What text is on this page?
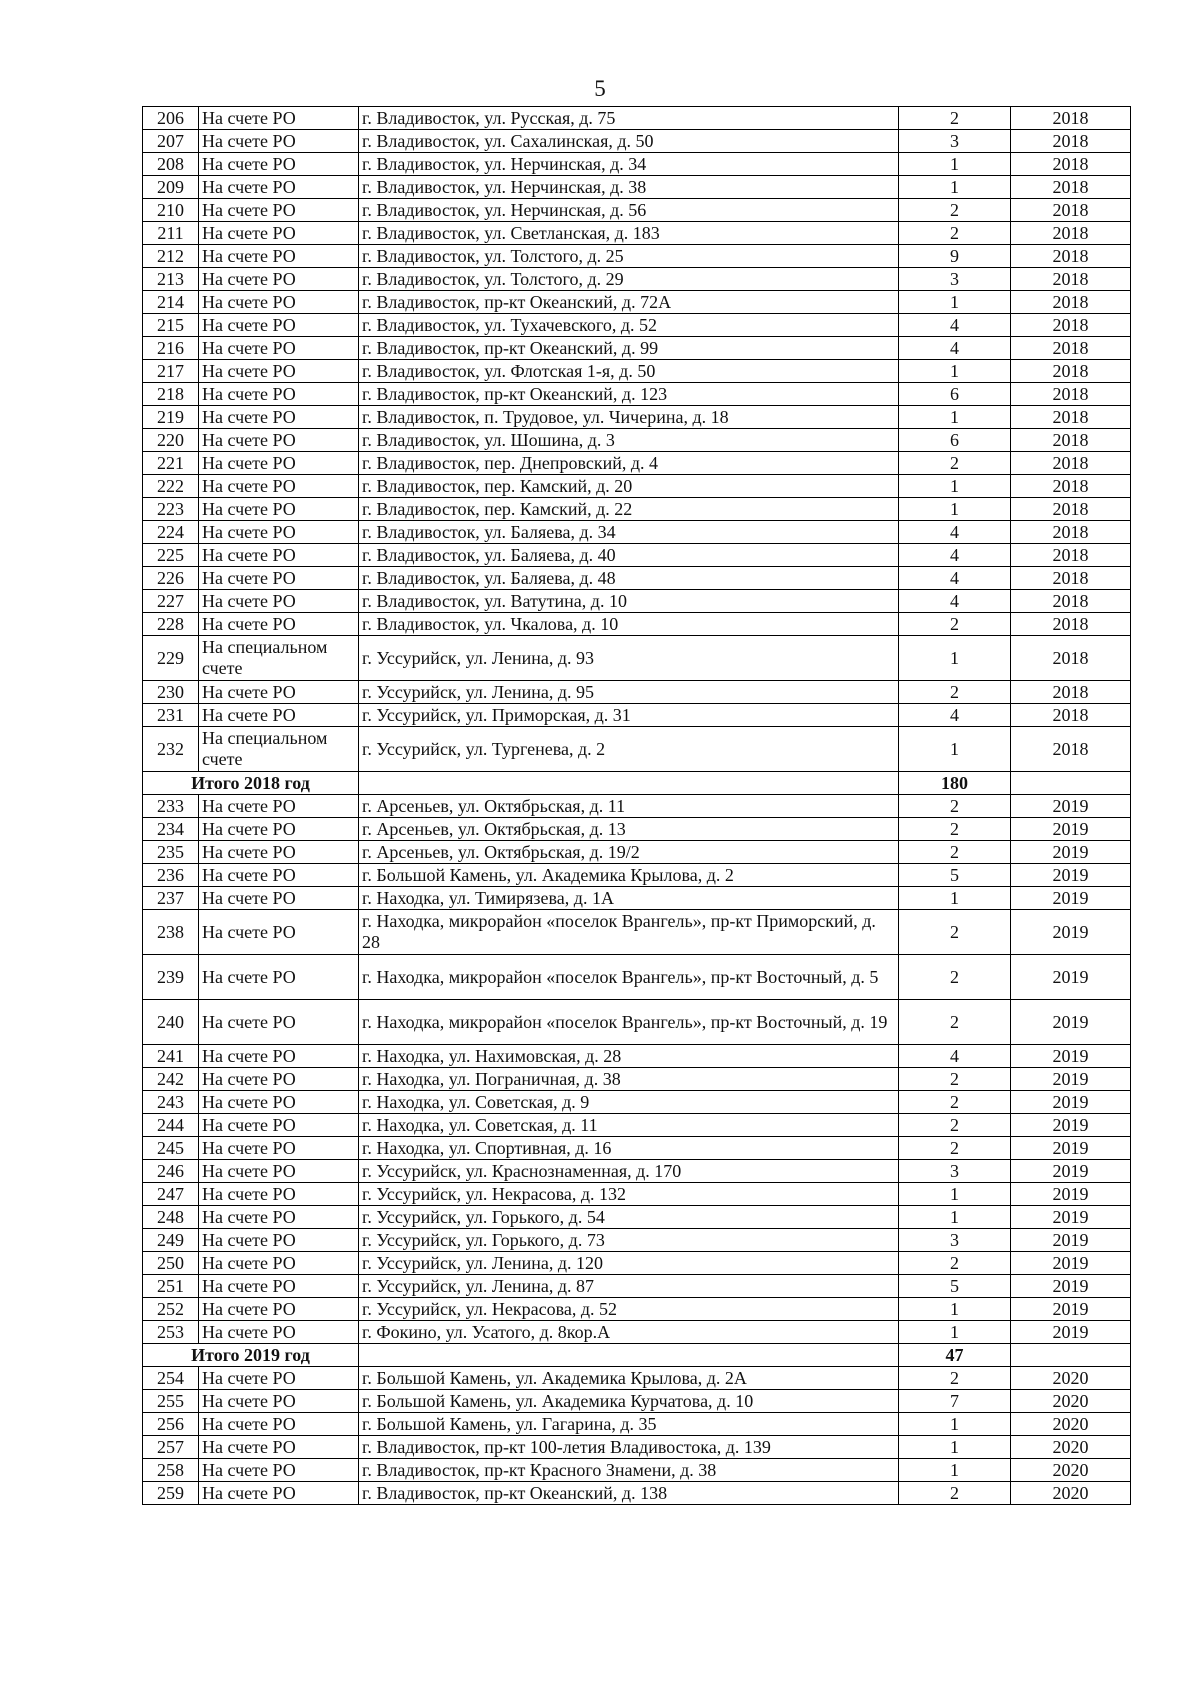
5
206	На счете РО	г. Владивосток, ул. Русская, д. 75	2	2018
207	На счете РО	г. Владивосток, ул. Сахалинская, д. 50	3	2018
208	На счете РО	г. Владивосток, ул. Нерчинская, д. 34	1	2018
209	На счете РО	г. Владивосток, ул. Нерчинская, д. 38	1	2018
210	На счете РО	г. Владивосток, ул. Нерчинская, д. 56	2	2018
211	На счете РО	г. Владивосток, ул. Светланская, д. 183	2	2018
212	На счете РО	г. Владивосток, ул. Толстого, д. 25	9	2018
213	На счете РО	г. Владивосток, ул. Толстого, д. 29	3	2018
214	На счете РО	г. Владивосток, пр-кт Океанский, д. 72А	1	2018
215	На счете РО	г. Владивосток, ул. Тухачевского, д. 52	4	2018
216	На счете РО	г. Владивосток, пр-кт Океанский, д. 99	4	2018
217	На счете РО	г. Владивосток, ул. Флотская 1-я, д. 50	1	2018
218	На счете РО	г. Владивосток, пр-кт Океанский, д. 123	6	2018
219	На счете РО	г. Владивосток, п. Трудовое, ул. Чичерина, д. 18	1	2018
220	На счете РО	г. Владивосток, ул. Шошина, д. 3	6	2018
221	На счете РО	г. Владивосток, пер. Днепровский, д. 4	2	2018
222	На счете РО	г. Владивосток, пер. Камский, д. 20	1	2018
223	На счете РО	г. Владивосток, пер. Камский, д. 22	1	2018
224	На счете РО	г. Владивосток, ул. Баляева, д. 34	4	2018
225	На счете РО	г. Владивосток, ул. Баляева, д. 40	4	2018
226	На счете РО	г. Владивосток, ул. Баляева, д. 48	4	2018
227	На счете РО	г. Владивосток, ул. Ватутина, д. 10	4	2018
228	На счете РО	г. Владивосток, ул. Чкалова, д. 10	2	2018
229	На специальном счете	г. Уссурийск, ул. Ленина, д. 93	1	2018
230	На счете РО	г. Уссурийск, ул. Ленина, д. 95	2	2018
231	На счете РО	г. Уссурийск, ул. Приморская, д. 31	4	2018
232	На специальном счете	г. Уссурийск, ул. Тургенева, д. 2	1	2018
Итого 2018 год			180	
233	На счете РО	г. Арсеньев, ул. Октябрьская, д. 11	2	2019
234	На счете РО	г. Арсеньев, ул. Октябрьская, д. 13	2	2019
235	На счете РО	г. Арсеньев, ул. Октябрьская, д. 19/2	2	2019
236	На счете РО	г. Большой Камень, ул. Академика Крылова, д. 2	5	2019
237	На счете РО	г. Находка, ул. Тимирязева, д. 1А	1	2019
238	На счете РО	г. Находка, микрорайон «поселок Врангель», пр-кт Приморский, д. 28	2	2019
239	На счете РО	г. Находка, микрорайон «поселок Врангель», пр-кт Восточный, д. 5	2	2019
240	На счете РО	г. Находка, микрорайон «поселок Врангель», пр-кт Восточный, д. 19	2	2019
241	На счете РО	г. Находка, ул. Нахимовская, д. 28	4	2019
242	На счете РО	г. Находка, ул. Пограничная, д. 38	2	2019
243	На счете РО	г. Находка, ул. Советская, д. 9	2	2019
244	На счете РО	г. Находка, ул. Советская, д. 11	2	2019
245	На счете РО	г. Находка, ул. Спортивная, д. 16	2	2019
246	На счете РО	г. Уссурийск, ул. Краснознаменная, д. 170	3	2019
247	На счете РО	г. Уссурийск, ул. Некрасова, д. 132	1	2019
248	На счете РО	г. Уссурийск, ул. Горького, д. 54	1	2019
249	На счете РО	г. Уссурийск, ул. Горького, д. 73	3	2019
250	На счете РО	г. Уссурийск, ул. Ленина, д. 120	2	2019
251	На счете РО	г. Уссурийск, ул. Ленина, д. 87	5	2019
252	На счете РО	г. Уссурийск, ул. Некрасова, д. 52	1	2019
253	На счете РО	г. Фокино, ул. Усатого, д. 8кор.А	1	2019
Итого 2019 год			47	
254	На счете РО	г. Большой Камень, ул. Академика Крылова, д. 2А	2	2020
255	На счете РО	г. Большой Камень, ул. Академика Курчатова, д. 10	7	2020
256	На счете РО	г. Большой Камень, ул. Гагарина, д. 35	1	2020
257	На счете РО	г. Владивосток, пр-кт 100-летия Владивостока, д. 139	1	2020
258	На счете РО	г. Владивосток, пр-кт Красного Знамени, д. 38	1	2020
259	На счете РО	г. Владивосток, пр-кт Океанский, д. 138	2	2020
